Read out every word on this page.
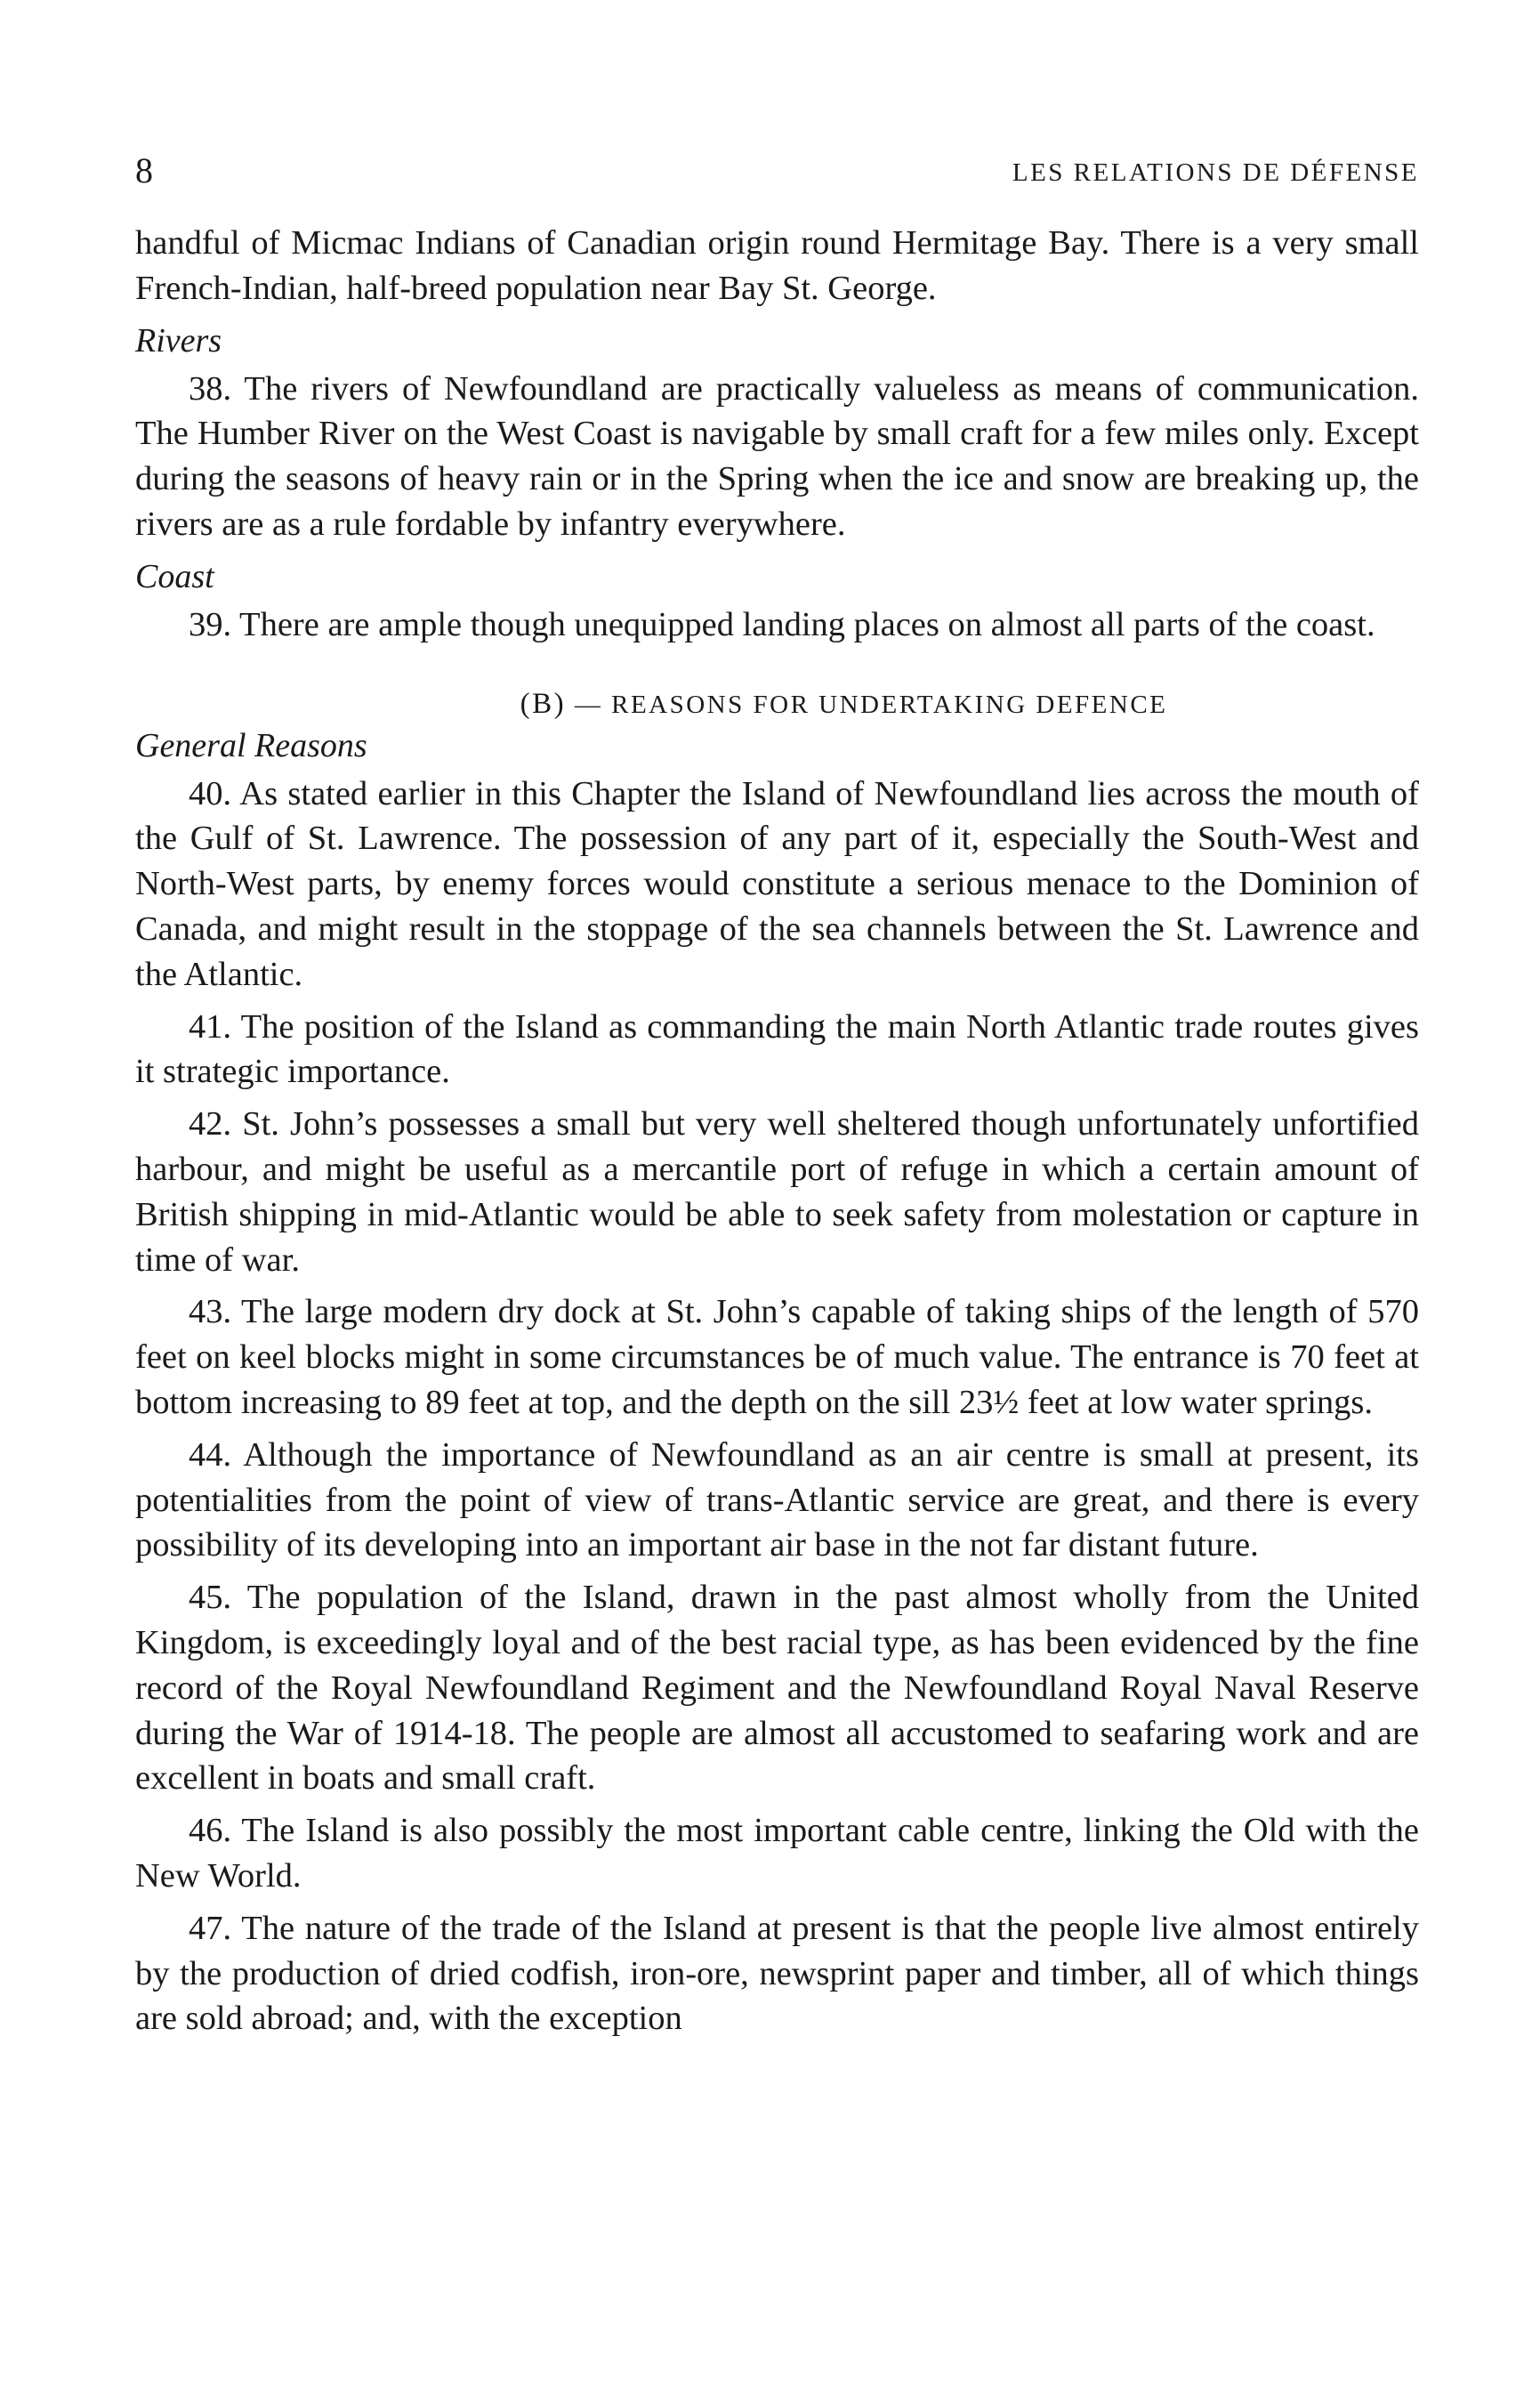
8	LES RELATIONS DE DÉFENSE

handful of Micmac Indians of Canadian origin round Hermitage Bay. There is a very small French-Indian, half-breed population near Bay St. George.

Rivers

38. The rivers of Newfoundland are practically valueless as means of communication. The Humber River on the West Coast is navigable by small craft for a few miles only. Except during the seasons of heavy rain or in the Spring when the ice and snow are breaking up, the rivers are as a rule fordable by infantry everywhere.

Coast

39. There are ample though unequipped landing places on almost all parts of the coast.

(B) — REASONS FOR UNDERTAKING DEFENCE
General Reasons

40. As stated earlier in this Chapter the Island of Newfoundland lies across the mouth of the Gulf of St. Lawrence. The possession of any part of it, especially the South-West and North-West parts, by enemy forces would constitute a serious menace to the Dominion of Canada, and might result in the stoppage of the sea channels between the St. Lawrence and the Atlantic.

41. The position of the Island as commanding the main North Atlantic trade routes gives it strategic importance.

42. St. John’s possesses a small but very well sheltered though unfortunately unfortified harbour, and might be useful as a mercantile port of refuge in which a certain amount of British shipping in mid-Atlantic would be able to seek safety from molestation or capture in time of war.

43. The large modern dry dock at St. John’s capable of taking ships of the length of 570 feet on keel blocks might in some circumstances be of much value. The entrance is 70 feet at bottom increasing to 89 feet at top, and the depth on the sill 23½ feet at low water springs.

44. Although the importance of Newfoundland as an air centre is small at present, its potentialities from the point of view of trans-Atlantic service are great, and there is every possibility of its developing into an important air base in the not far distant future.

45. The population of the Island, drawn in the past almost wholly from the United Kingdom, is exceedingly loyal and of the best racial type, as has been evidenced by the fine record of the Royal Newfoundland Regiment and the Newfoundland Royal Naval Reserve during the War of 1914-18. The people are almost all accustomed to seafaring work and are excellent in boats and small craft.

46. The Island is also possibly the most important cable centre, linking the Old with the New World.

47. The nature of the trade of the Island at present is that the people live almost entirely by the production of dried codfish, iron-ore, newsprint paper and timber, all of which things are sold abroad; and, with the exception
